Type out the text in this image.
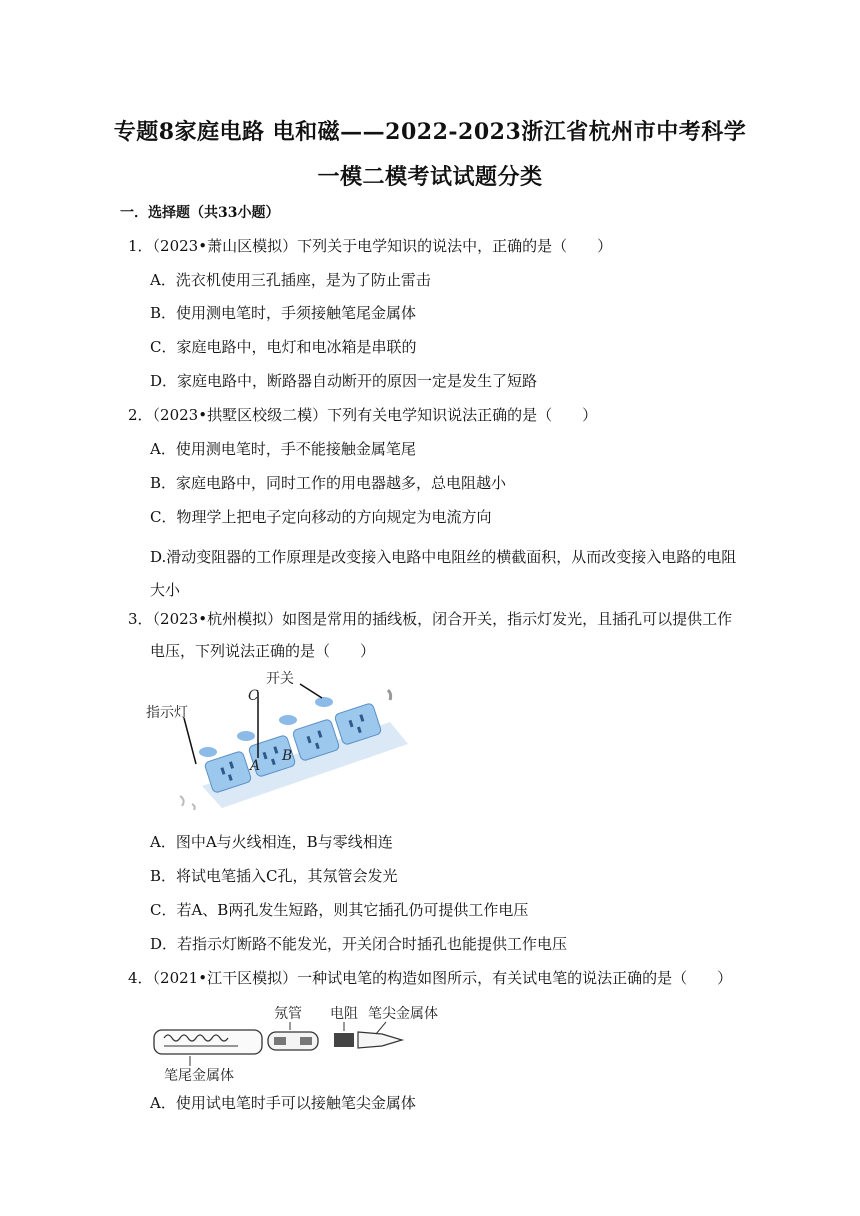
专题8家庭电路 电和磁——2022-2023浙江省杭州市中考科学
一模二模考试试题分类
一．选择题（共33小题）
1．（2023•萧山区模拟）下列关于电学知识的说法中，正确的是（　　）
A．洗衣机使用三孔插座，是为了防止雷击
B．使用测电笔时，手须接触笔尾金属体
C．家庭电路中，电灯和电冰箱是串联的
D．家庭电路中，断路器自动断开的原因一定是发生了短路
2．（2023•拱墅区校级二模）下列有关电学知识说法正确的是（　　）
A．使用测电笔时，手不能接触金属笔尾
B．家庭电路中，同时工作的用电器越多，总电阻越小
C．物理学上把电子定向移动的方向规定为电流方向
D.滑动变阻器的工作原理是改变接入电路中电阻丝的横截面积，从而改变接入电路的电阻大小
3．（2023•杭州模拟）如图是常用的插线板，闭合开关，指示灯发光，且插孔可以提供工作
电压，下列说法正确的是（　　）
开关
指示灯
C
A
B
A．图中A与火线相连，B与零线相连
B．将试电笔插入C孔，其氖管会发光
C．若A、B两孔发生短路，则其它插孔仍可提供工作电压
D．若指示灯断路不能发光，开关闭合时插孔也能提供工作电压
4．（2021•江干区模拟）一种试电笔的构造如图所示，有关试电笔的说法正确的是（　　）
氖管 电阻 笔尖金属体
笔尾金属体
A．使用试电笔时手可以接触笔尖金属体
